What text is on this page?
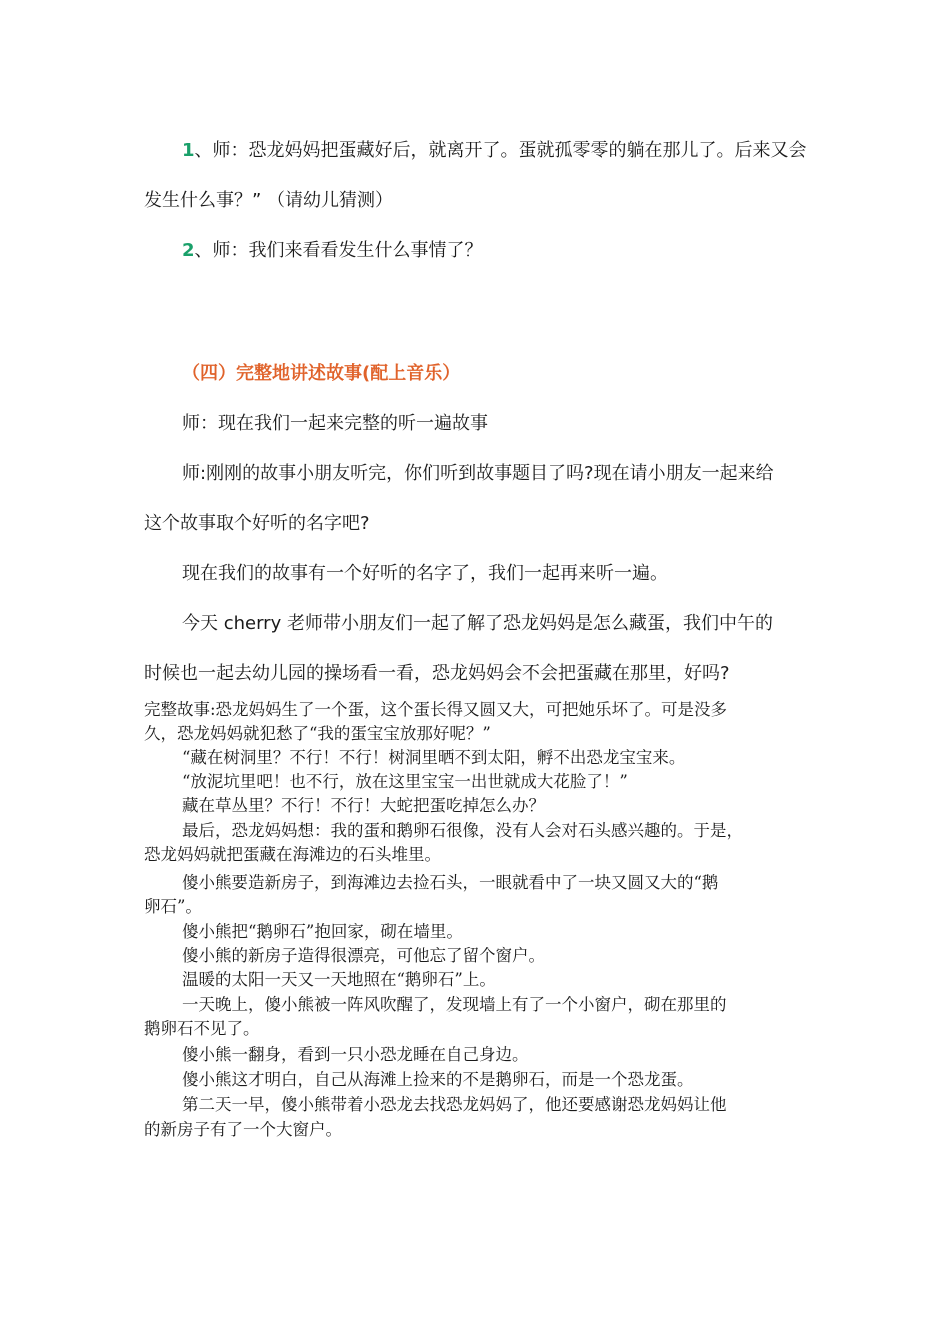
1、师：恐龙妈妈把蛋藏好后，就离开了。蛋就孤零零的躺在那儿了。后来又会
发生什么事？” （请幼儿猜测）
2、师：我们来看看发生什么事情了？
（四）完整地讲述故事(配上音乐）
师：现在我们一起来完整的听一遍故事
师:刚刚的故事小朋友听完，你们听到故事题目了吗?现在请小朋友一起来给
这个故事取个好听的名字吧?
现在我们的故事有一个好听的名字了，我们一起再来听一遍。
今天 cherry 老师带小朋友们一起了解了恐龙妈妈是怎么藏蛋，我们中午的
时候也一起去幼儿园的操场看一看，恐龙妈妈会不会把蛋藏在那里，好吗?
完整故事:恐龙妈妈生了一个蛋，这个蛋长得又圆又大，可把她乐坏了。可是没多
久，恐龙妈妈就犯愁了“我的蛋宝宝放那好呢？”
“藏在树洞里？不行！不行！树洞里晒不到太阳，孵不出恐龙宝宝来。
“放泥坑里吧！也不行，放在这里宝宝一出世就成大花脸了！”
藏在草丛里？不行！不行！大蛇把蛋吃掉怎么办？
最后，恐龙妈妈想：我的蛋和鹅卵石很像，没有人会对石头感兴趣的。于是，
恐龙妈妈就把蛋藏在海滩边的石头堆里。
傻小熊要造新房子，到海滩边去捡石头，一眼就看中了一块又圆又大的“鹅
卵石”。
傻小熊把“鹅卵石”抱回家，砌在墙里。
傻小熊的新房子造得很漂亮，可他忘了留个窗户。
温暖的太阳一天又一天地照在“鹅卵石”上。
一天晚上，傻小熊被一阵风吹醒了，发现墙上有了一个小窗户，砌在那里的
鹅卵石不见了。
傻小熊一翻身，看到一只小恐龙睡在自己身边。
傻小熊这才明白，自己从海滩上捡来的不是鹅卵石，而是一个恐龙蛋。
第二天一早，傻小熊带着小恐龙去找恐龙妈妈了，他还要感谢恐龙妈妈让他
的新房子有了一个大窗户。
